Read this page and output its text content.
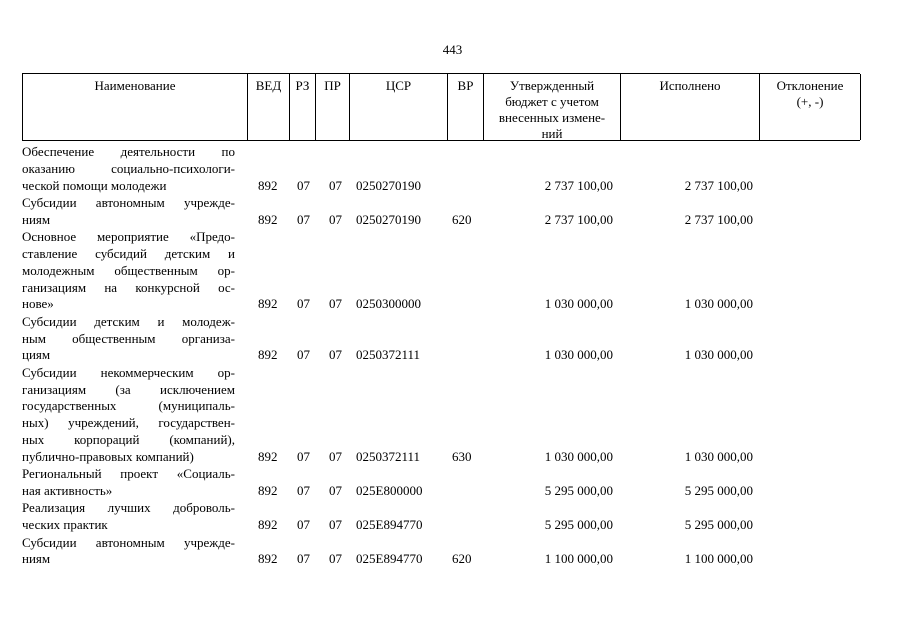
443
Наименование	ВЕД	РЗ	ПР	ЦСР	ВР	Утвержденный
бюджет с учетом
внесенных измене-
ний
Исполнено	Отклонение
(+, -)
Обеспечение деятельности по
оказанию социально-психологи-
ческой помощи молодежи	892 07 07 0250270190	2 737 100,00	2 737 100,00
Субсидии автономным учрежде-
ниям	892 07 07 0250270190 620	2 737 100,00	2 737 100,00
Основное мероприятие «Предо-
ставление субсидий детским и
молодежным общественным ор-
ганизациям на конкурсной ос-
нове»	892 07 07 0250300000	1 030 000,00	1 030 000,00
Субсидии детским и молодеж-
ным общественным организа-
циям	892 07 07 0250372111	1 030 000,00	1 030 000,00
Субсидии некоммерческим ор-
ганизациям (за исключением
государственных (муниципаль-
ных) учреждений, государствен-
ных корпораций (компаний),
публично-правовых компаний)	892 07 07 0250372111 630	1 030 000,00	1 030 000,00
Региональный проект «Социаль-
ная активность»	892 07 07 025E800000	5 295 000,00	5 295 000,00
Реализация лучших доброволь-
ческих практик	892 07 07 025E894770	5 295 000,00	5 295 000,00
Субсидии автономным учрежде-
ниям	892 07 07 025E894770 620	1 100 000,00	1 100 000,00
